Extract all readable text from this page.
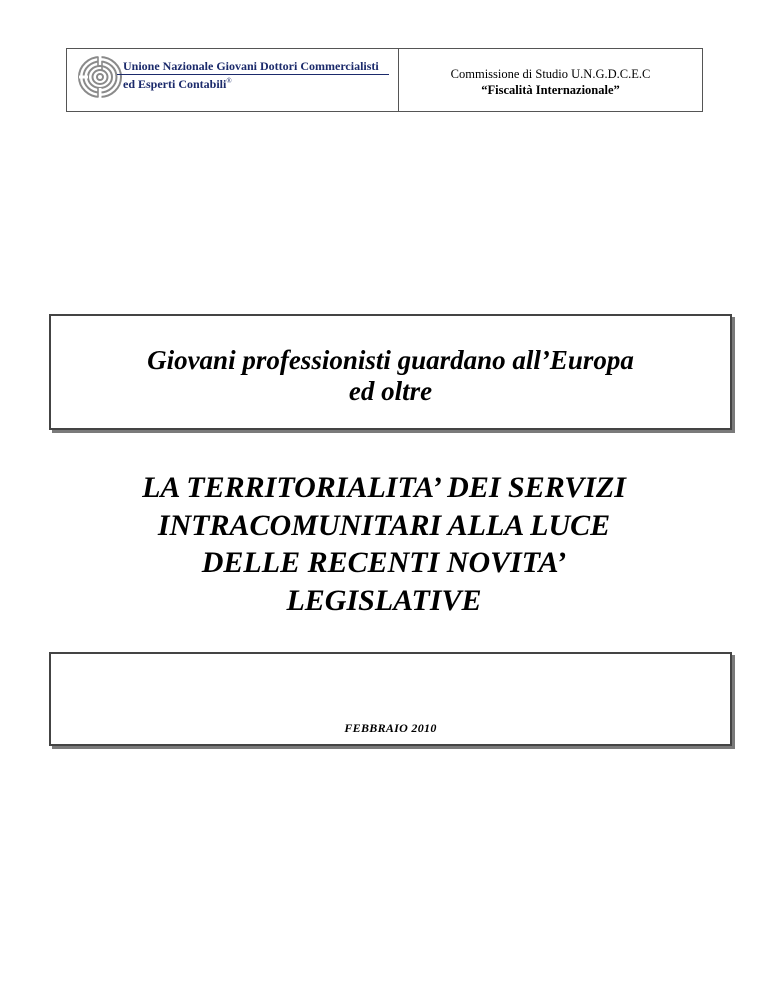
Unione Nazionale Giovani Dottori Commercialisti
ed Esperti Contabili®	Commissione di Studio U.N.G.D.C.E.C
“Fiscalità Internazionale”
Giovani professionisti guardano all’Europa
ed oltre
LA TERRITORIALITA’ DEI SERVIZI
INTRACOMUNITARI ALLA LUCE
DELLE RECENTI NOVITA’
LEGISLATIVE
FEBBRAIO 2010
